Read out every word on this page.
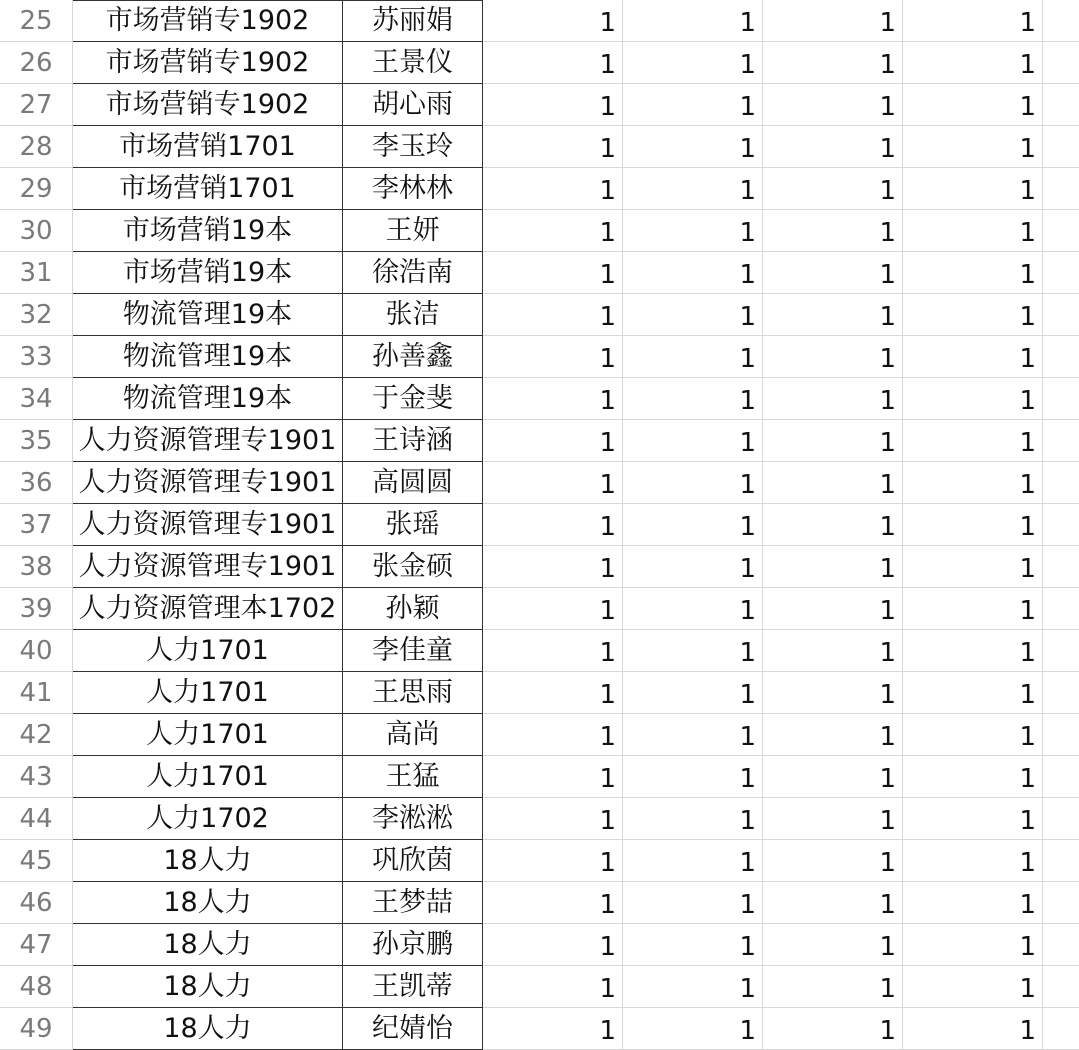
25	市场营销专1902	苏丽娟	1	1	1	1
26	市场营销专1902	王景仪	1	1	1	1
27	市场营销专1902	胡心雨	1	1	1	1
28	市场营销1701	李玉玲	1	1	1	1
29	市场营销1701	李林林	1	1	1	1
30	市场营销19本	王妍	1	1	1	1
31	市场营销19本	徐浩南	1	1	1	1
32	物流管理19本	张洁	1	1	1	1
33	物流管理19本	孙善鑫	1	1	1	1
34	物流管理19本	于金斐	1	1	1	1
35 人力资源管理专1901	王诗涵	1	1	1	1
36 人力资源管理专1901	高圆圆	1	1	1	1
37 人力资源管理专1901	张瑶	1	1	1	1
38 人力资源管理专1901	张金硕	1	1	1	1
39 人力资源管理本1702	孙颖	1	1	1	1
40	人力1701	李佳童	1	1	1	1
41	人力1701	王思雨	1	1	1	1
42	人力1701	高尚	1	1	1	1
43	人力1701	王猛	1	1	1	1
44	人力1702	李淞淞	1	1	1	1
45	18人力	巩欣茵	1	1	1	1
46	18人力	王梦喆	1	1	1	1
47	18人力	孙京鹏	1	1	1	1
48	18人力	王凯蒂	1	1	1	1
49	18人力	纪婧怡	1	1	1	1
